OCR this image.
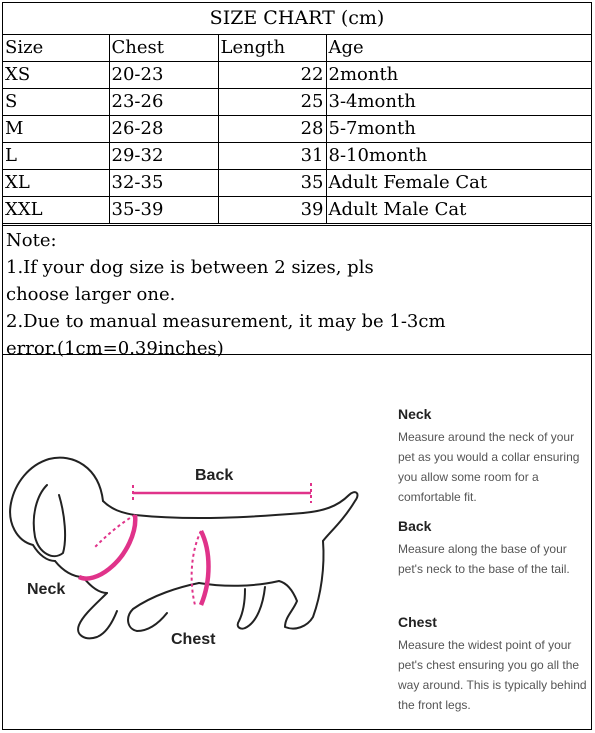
SIZE CHART (cm)
Size	Chest	Length	Age
XS	20-23	22	2month
S	23-26	25	3-4month
M	26-28	28	5-7month
L	29-32	31	8-10month
XL	32-35	35	Adult Female Cat
XXL	35-39	39	Adult Male Cat
Note:
1.If your dog size is between 2 sizes, pls
choose larger one.
2.Due to manual measurement, it may be 1-3cm
error.(1cm=0.39inches)
Back
Neck
Chest
Neck

Measure around the neck of your pet as you would a collar ensuring you allow some room for a comfortable fit.

Back

Measure along the base of your pet's neck to the base of the tail.

Chest

Measure the widest point of your pet's chest ensuring you go all the way around. This is typically behind the front legs.
